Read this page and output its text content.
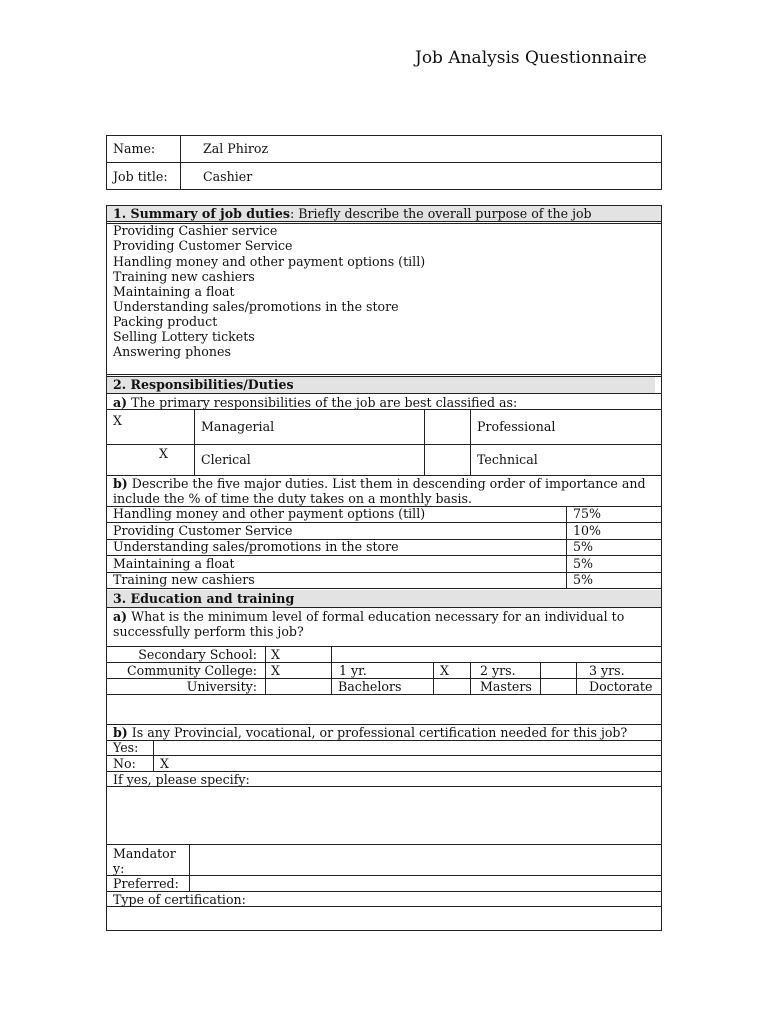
Job Analysis Questionnaire
Name:	Zal Phiroz
Job title:	Cashier
1. Summary of job duties: Briefly describe the overall purpose of the job
Providing Cashier service
Providing Customer Service
Handling money and other payment options (till)
Training new cashiers
Maintaining a float
Understanding sales/promotions in the store
Packing product
Selling Lottery tickets
Answering phones
2. Responsibilities/Duties
a) The primary responsibilities of the job are best classified as:
X	Managerial	Professional
X	Clerical	Technical
b) Describe the five major duties. List them in descending order of importance and
include the % of time the duty takes on a monthly basis.
Handling money and other payment options (till)	75%
Providing Customer Service	10%
Understanding sales/promotions in the store	5%
Maintaining a float	5%
Training new cashiers	5%
3. Education and training
a) What is the minimum level of formal education necessary for an individual to
successfully perform this job?
Secondary School: X
Community College: X	1 yr.	X 2 yrs.	3 yrs.
University:	Bachelors	Masters	Doctorate
b) Is any Provincial, vocational, or professional certification needed for this job?
Yes:
No: X
If yes, please specify:
Mandator
y:
Preferred:
Type of certification:
